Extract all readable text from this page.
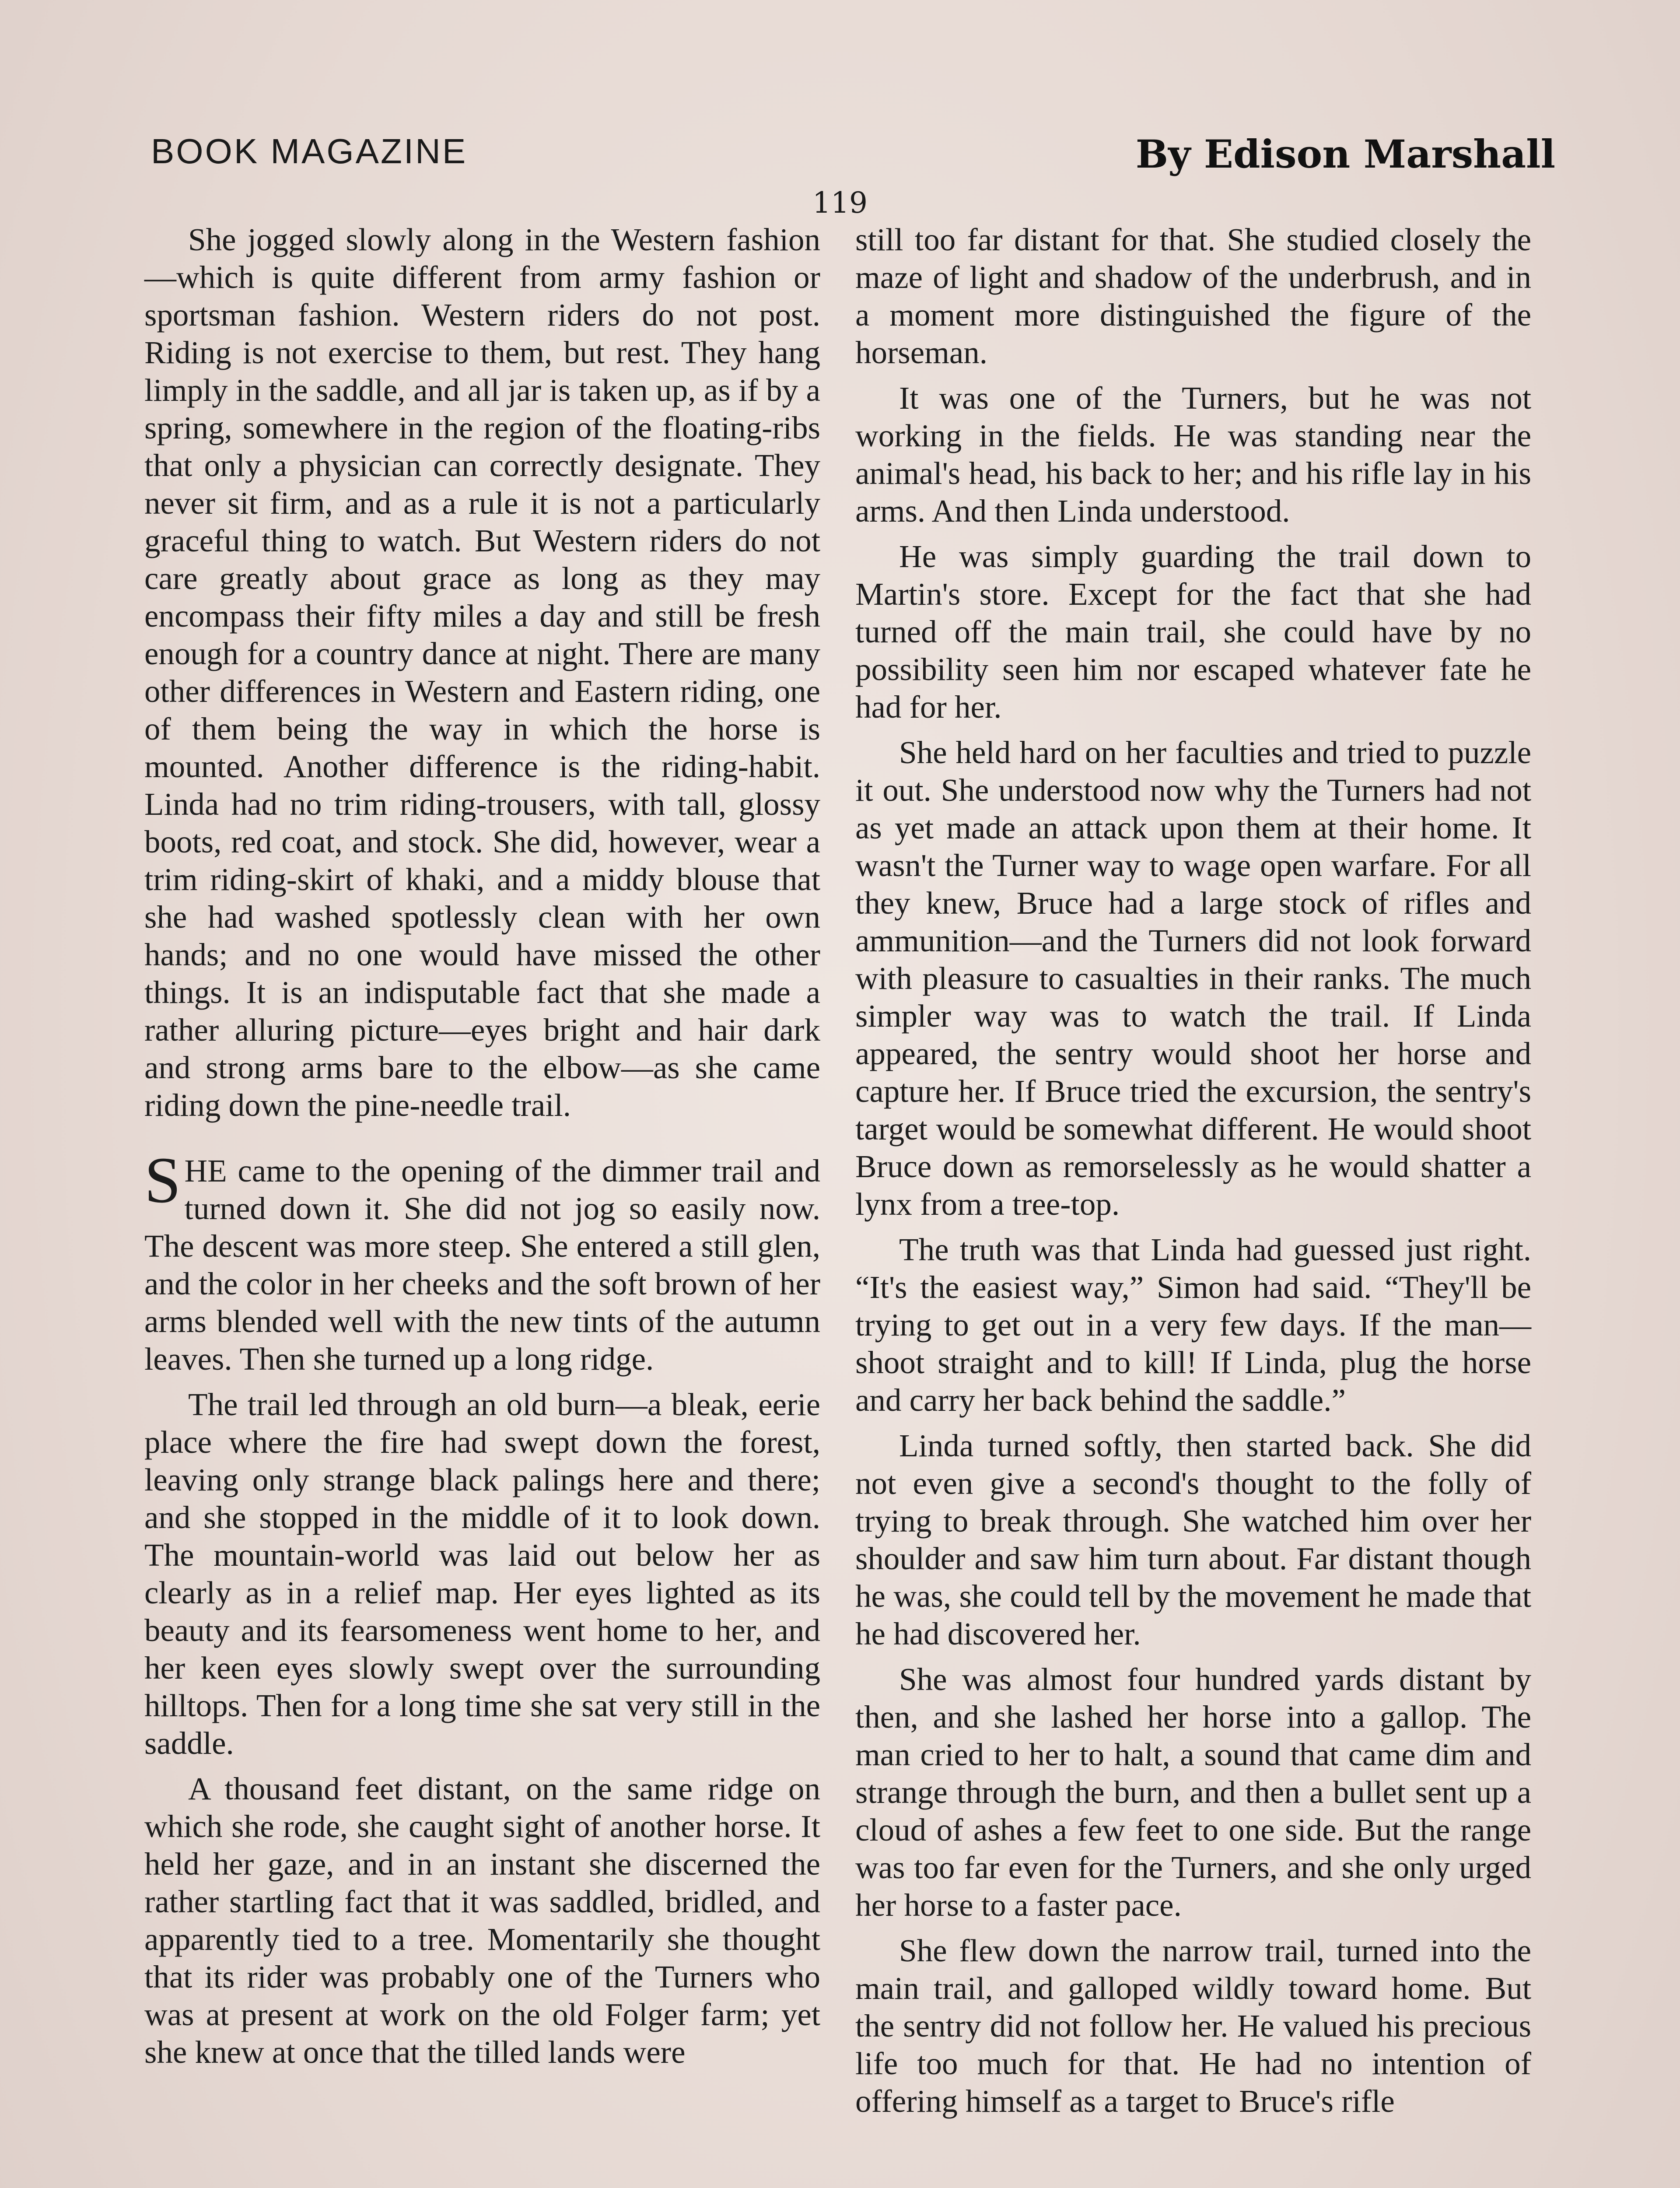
BOOK MAGAZINE	By Edison Marshall
119

She jogged slowly along in the Western fashion—which is quite different from army fashion or sportsman fashion. Western riders do not post. Riding is not exercise to them, but rest. They hang limply in the saddle, and all jar is taken up, as if by a spring, somewhere in the region of the floating-ribs that only a physician can correctly designate. They never sit firm, and as a rule it is not a particularly graceful thing to watch. But Western riders do not care greatly about grace as long as they may encompass their fifty miles a day and still be fresh enough for a country dance at night. There are many other differences in Western and Eastern riding, one of them being the way in which the horse is mounted. Another difference is the riding-habit. Linda had no trim riding-trousers, with tall, glossy boots, red coat, and stock. She did, however, wear a trim riding-skirt of khaki, and a middy blouse that she had washed spotlessly clean with her own hands; and no one would have missed the other things. It is an indisputable fact that she made a rather alluring picture—eyes bright and hair dark and strong arms bare to the elbow—as she came riding down the pine-needle trail.

SHE came to the opening of the dimmer trail and turned down it. She did not jog so easily now. The descent was more steep. She entered a still glen, and the color in her cheeks and the soft brown of her arms blended well with the new tints of the autumn leaves. Then she turned up a long ridge.

The trail led through an old burn—a bleak, eerie place where the fire had swept down the forest, leaving only strange black palings here and there; and she stopped in the middle of it to look down. The mountain-world was laid out below her as clearly as in a relief map. Her eyes lighted as its beauty and its fearsomeness went home to her, and her keen eyes slowly swept over the surrounding hilltops. Then for a long time she sat very still in the saddle.

A thousand feet distant, on the same ridge on which she rode, she caught sight of another horse. It held her gaze, and in an instant she discerned the rather startling fact that it was saddled, bridled, and apparently tied to a tree. Momentarily she thought that its rider was probably one of the Turners who was at present at work on the old Folger farm; yet she knew at once that the tilled lands were

still too far distant for that. She studied closely the maze of light and shadow of the underbrush, and in a moment more distinguished the figure of the horseman.

It was one of the Turners, but he was not working in the fields. He was standing near the animal's head, his back to her; and his rifle lay in his arms. And then Linda understood.

He was simply guarding the trail down to Martin's store. Except for the fact that she had turned off the main trail, she could have by no possibility seen him nor escaped whatever fate he had for her.

She held hard on her faculties and tried to puzzle it out. She understood now why the Turners had not as yet made an attack upon them at their home. It wasn't the Turner way to wage open warfare. For all they knew, Bruce had a large stock of rifles and ammunition—and the Turners did not look forward with pleasure to casualties in their ranks. The much simpler way was to watch the trail. If Linda appeared, the sentry would shoot her horse and capture her. If Bruce tried the excursion, the sentry's target would be somewhat different. He would shoot Bruce down as remorselessly as he would shatter a lynx from a tree-top.

The truth was that Linda had guessed just right. “It's the easiest way,” Simon had said. “They'll be trying to get out in a very few days. If the man—shoot straight and to kill! If Linda, plug the horse and carry her back behind the saddle.”

Linda turned softly, then started back. She did not even give a second's thought to the folly of trying to break through. She watched him over her shoulder and saw him turn about. Far distant though he was, she could tell by the movement he made that he had discovered her.

She was almost four hundred yards distant by then, and she lashed her horse into a gallop. The man cried to her to halt, a sound that came dim and strange through the burn, and then a bullet sent up a cloud of ashes a few feet to one side. But the range was too far even for the Turners, and she only urged her horse to a faster pace.

She flew down the narrow trail, turned into the main trail, and galloped wildly toward home. But the sentry did not follow her. He valued his precious life too much for that. He had no intention of offering himself as a target to Bruce's rifle
